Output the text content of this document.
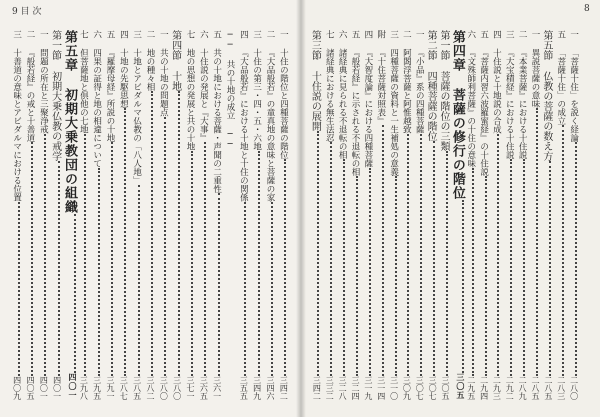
9 目 次	8
一 十住の階位と四種菩薩の階位
三四二
二 『大品般若』の童真地の意味と菩薩の家
三四六
三 十住の第三・四・五・六地
三四九
四 『大品般若』における十地と十住の関係
三五五
── 共の十地の成立 ──
五 共の十地における菩薩・声聞の二重性
三六一
六 十住説の発展と『大事』
三六五
七 地の思想の発展と共の十地
三七一
第四節 十地
三八〇
一 共の十地の問題点
三八〇
二 地の種々相
三八二
三 十地とアビダルマ仏教の「八人地」
三八五
四 十地の先駆思想
三八七
五 『羅摩母経』所説の十地
三九一
六 四果の証得と地の相違について
三九五
七 但菩薩地と倶他の七地
三九八
第五章 初期大乗教団の組織
四〇一
第一節 初期大乗仏教の戒学
四〇一
一 問題の所在と三聚浄戒
四〇一
二 『般若経』の戒と十善道
四〇五
三 十善道の意味とアビダルマにおける位置
四〇九
一 「菩薩十住」を説く経論
二八〇
五 「菩薩十住」の成立
二八三
第五節 仏教の菩薩の数え方
二八五
一 異説菩薩の意味
二八五
二 『本業菩薩』における十住説
二八九
三 『大宝積経』における十住説
二九二
四 十住説と十地説の合成
二九三
五 『菩薩内習六波羅蜜経』の十住説
二九四
六 『文殊師利菩薩』の十住の意味
二九五
第四章 菩薩の修行の階位
三〇五
第一節 菩薩の階位の三類
三〇五
第二節 四種菩薩の階位
三〇七
一 『小品』系の四種菩薩
三〇七
二 阿閦浮菩薩と阿惟越致
三〇九
三 四種菩薩の資料と一生補処の意義
三一〇
附 『十住菩薩対照表』
三一四
四 『大智度論』における四種菩薩
三一九
五 『般若経』に示される不退転の相
三二四
六 諸経典に見られる不退転の相
三二八
七 諸経典における無生法忍
三三二
第三節 十住説の展開
三四二
